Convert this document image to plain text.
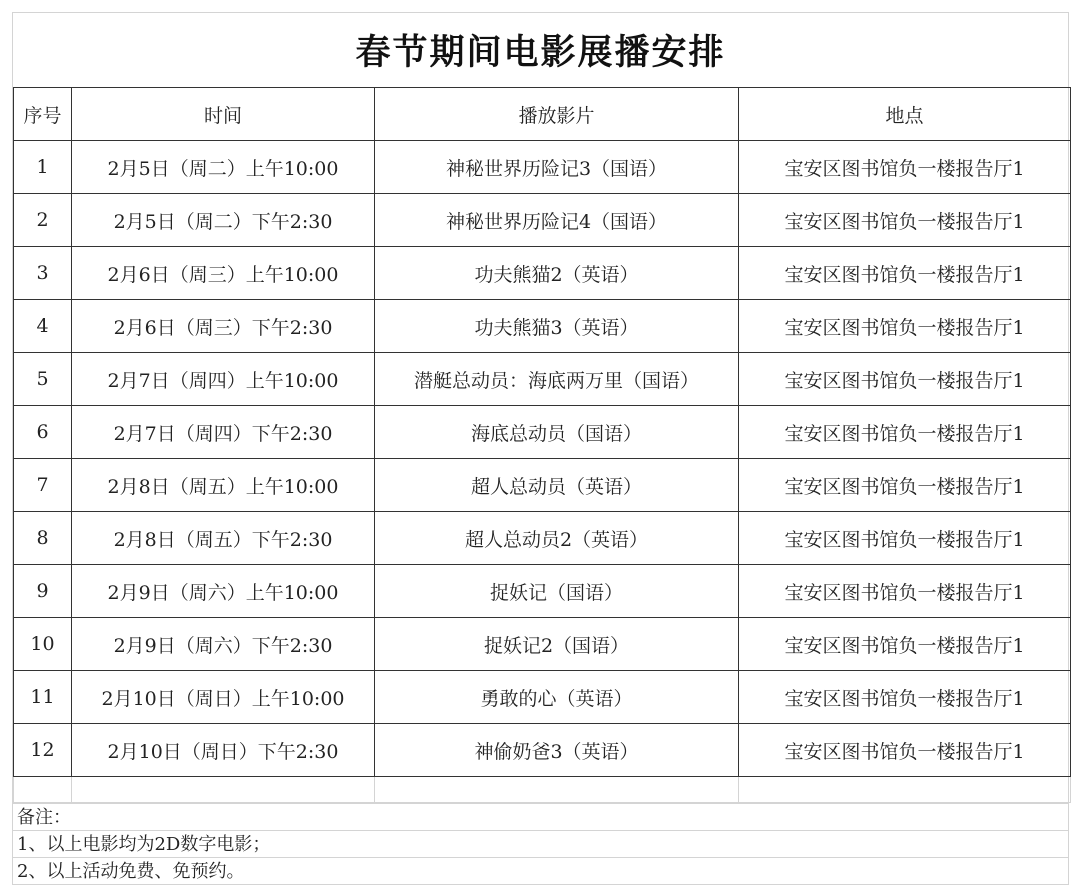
春节期间电影展播安排
序号	时间	播放影片	地点
1	2月5日（周二）上午10:00	神秘世界历险记3（国语）	宝安区图书馆负一楼报告厅1
2	2月5日（周二）下午2:30	神秘世界历险记4（国语）	宝安区图书馆负一楼报告厅1
3	2月6日（周三）上午10:00	功夫熊猫2（英语）	宝安区图书馆负一楼报告厅1
4	2月6日（周三）下午2:30	功夫熊猫3（英语）	宝安区图书馆负一楼报告厅1
5	2月7日（周四）上午10:00	潜艇总动员：海底两万里（国语）	宝安区图书馆负一楼报告厅1
6	2月7日（周四）下午2:30	海底总动员（国语）	宝安区图书馆负一楼报告厅1
7	2月8日（周五）上午10:00	超人总动员（英语）	宝安区图书馆负一楼报告厅1
8	2月8日（周五）下午2:30	超人总动员2（英语）	宝安区图书馆负一楼报告厅1
9	2月9日（周六）上午10:00	捉妖记（国语）	宝安区图书馆负一楼报告厅1
10	2月9日（周六）下午2:30	捉妖记2（国语）	宝安区图书馆负一楼报告厅1
11	2月10日（周日）上午10:00	勇敢的心（英语）	宝安区图书馆负一楼报告厅1
12	2月10日（周日）下午2:30	神偷奶爸3（英语）	宝安区图书馆负一楼报告厅1

备注：
1、以上电影均为2D数字电影；
2、以上活动免费、免预约。
